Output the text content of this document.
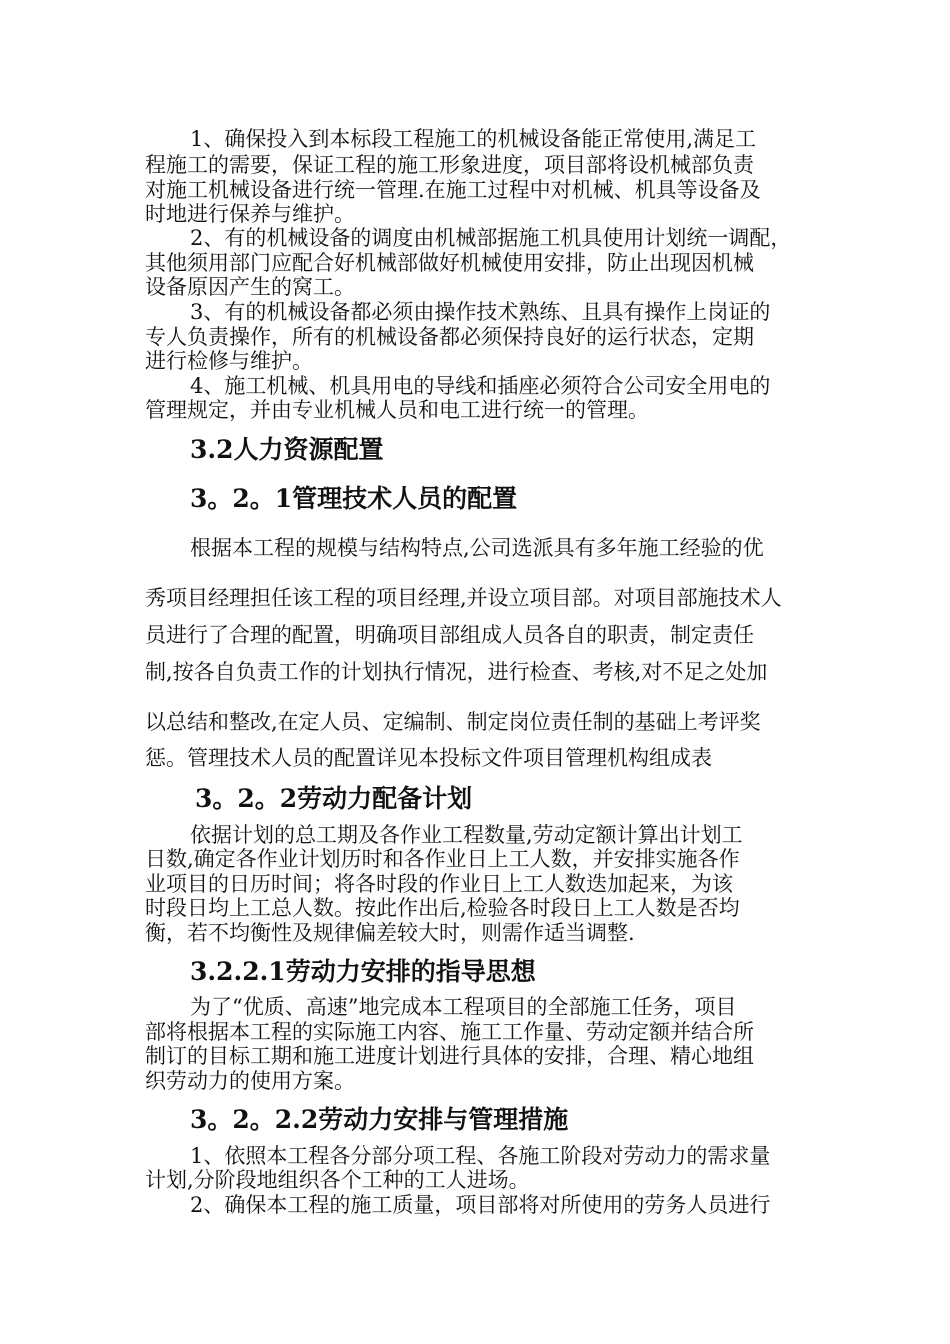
1、确保投入到本标段工程施工的机械设备能正常使用,满足工
程施工的需要，保证工程的施工形象进度，项目部将设机械部负责
对施工机械设备进行统一管理.在施工过程中对机械、机具等设备及
时地进行保养与维护。
2、有的机械设备的调度由机械部据施工机具使用计划统一调配，
其他须用部门应配合好机械部做好机械使用安排，防止出现因机械
设备原因产生的窝工。
3、有的机械设备都必须由操作技术熟练、且具有操作上岗证的
专人负责操作，所有的机械设备都必须保持良好的运行状态，定期
进行检修与维护。
4、施工机械、机具用电的导线和插座必须符合公司安全用电的
管理规定，并由专业机械人员和电工进行统一的管理。
3.2人力资源配置
3。2。1管理技术人员的配置
根据本工程的规模与结构特点,公司选派具有多年施工经验的优
秀项目经理担任该工程的项目经理,并设立项目部。对项目部施技术人
员进行了合理的配置，明确项目部组成人员各自的职责，制定责任
制,按各自负责工作的计划执行情况，进行检查、考核,对不足之处加
以总结和整改,在定人员、定编制、制定岗位责任制的基础上考评奖
惩。管理技术人员的配置详见本投标文件项目管理机构组成表
3。2。2劳动力配备计划
依据计划的总工期及各作业工程数量,劳动定额计算出计划工
日数,确定各作业计划历时和各作业日上工人数，并安排实施各作
业项目的日历时间；将各时段的作业日上工人数迭加起来，为该
时段日均上工总人数。按此作出后,检验各时段日上工人数是否均
衡，若不均衡性及规律偏差较大时，则需作适当调整.
3.2.2.1劳动力安排的指导思想
为了“优质、高速”地完成本工程项目的全部施工任务，项目
部将根据本工程的实际施工内容、施工工作量、劳动定额并结合所
制订的目标工期和施工进度计划进行具体的安排，合理、精心地组
织劳动力的使用方案。
3。2。2.2劳动力安排与管理措施
1、依照本工程各分部分项工程、各施工阶段对劳动力的需求量
计划,分阶段地组织各个工种的工人进场。
2、确保本工程的施工质量，项目部将对所使用的劳务人员进行
